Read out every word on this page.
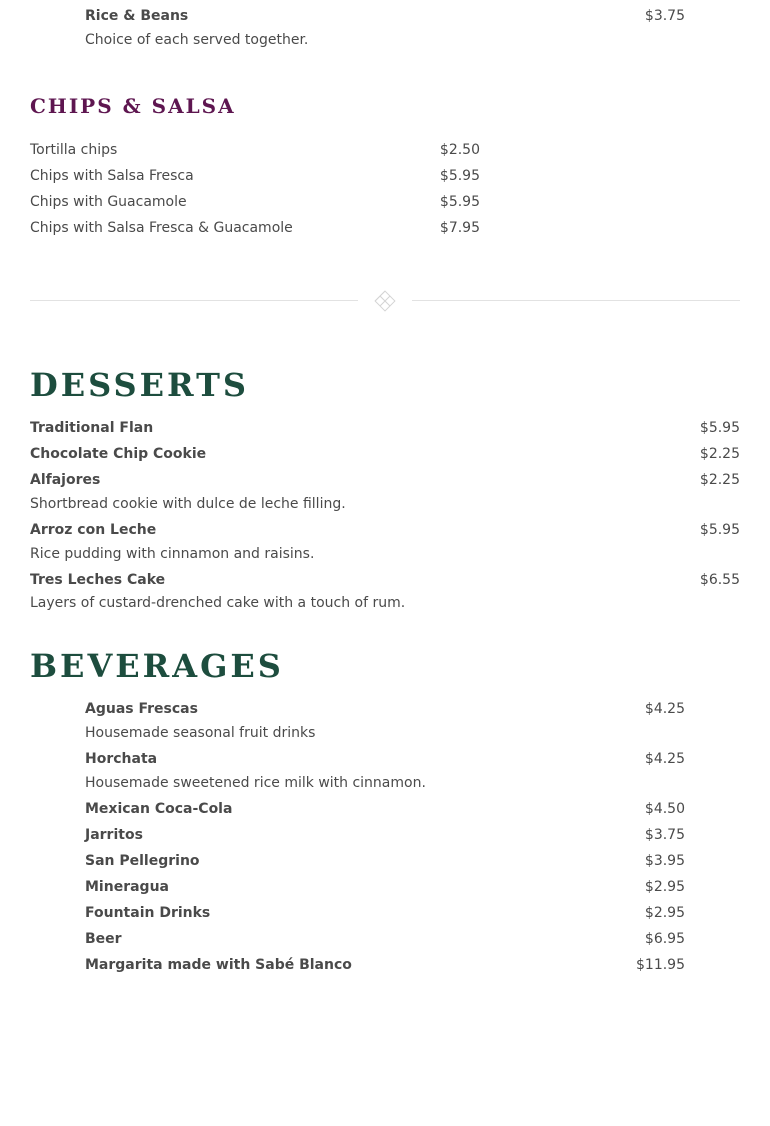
Rice & Beans	$3.75
Choice of each served together.
CHIPS & SALSA
Tortilla chips	$2.50
Chips with Salsa Fresca	$5.95
Chips with Guacamole	$5.95
Chips with Salsa Fresca & Guacamole	$7.95
DESSERTS
Traditional Flan	$5.95
Chocolate Chip Cookie	$2.25
Alfajores	$2.25
Shortbread cookie with dulce de leche filling.
Arroz con Leche	$5.95
Rice pudding with cinnamon and raisins.
Tres Leches Cake	$6.55
Layers of custard-drenched cake with a touch of rum.
BEVERAGES
Aguas Frescas	$4.25
Housemade seasonal fruit drinks
Horchata	$4.25
Housemade sweetened rice milk with cinnamon.
Mexican Coca-Cola	$4.50
Jarritos	$3.75
San Pellegrino	$3.95
Mineragua	$2.95
Fountain Drinks	$2.95
Beer	$6.95
Margarita made with Sabé Blanco	$11.95
